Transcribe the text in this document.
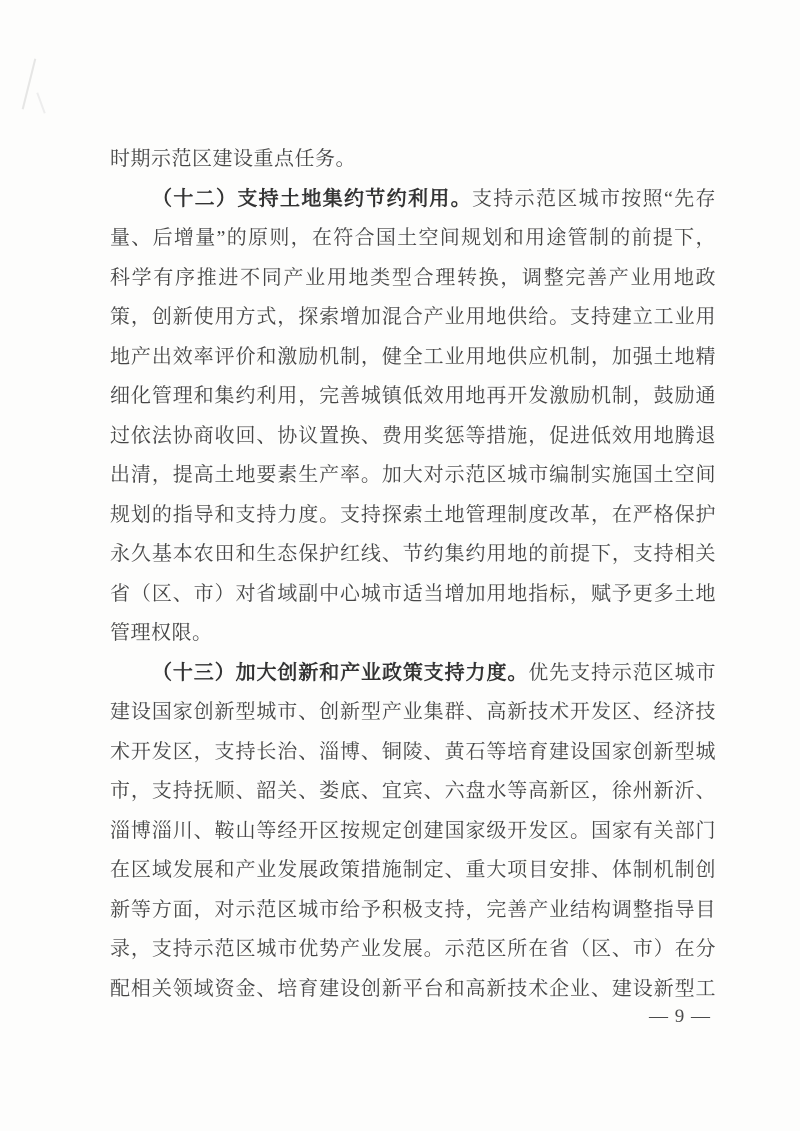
时期示范区建设重点任务。
（十二）支持土地集约节约利用。支持示范区城市按照“先存
量、后增量”的原则，在符合国土空间规划和用途管制的前提下，
科学有序推进不同产业用地类型合理转换，调整完善产业用地政
策，创新使用方式，探索增加混合产业用地供给。支持建立工业用
地产出效率评价和激励机制，健全工业用地供应机制，加强土地精
细化管理和集约利用，完善城镇低效用地再开发激励机制，鼓励通
过依法协商收回、协议置换、费用奖惩等措施，促进低效用地腾退
出清，提高土地要素生产率。加大对示范区城市编制实施国土空间
规划的指导和支持力度。支持探索土地管理制度改革，在严格保护
永久基本农田和生态保护红线、节约集约用地的前提下，支持相关
省（区、市）对省域副中心城市适当增加用地指标，赋予更多土地
管理权限。
（十三）加大创新和产业政策支持力度。优先支持示范区城市
建设国家创新型城市、创新型产业集群、高新技术开发区、经济技
术开发区，支持长治、淄博、铜陵、黄石等培育建设国家创新型城
市，支持抚顺、韶关、娄底、宜宾、六盘水等高新区，徐州新沂、
淄博淄川、鞍山等经开区按规定创建国家级开发区。国家有关部门
在区域发展和产业发展政策措施制定、重大项目安排、体制机制创
新等方面，对示范区城市给予积极支持，完善产业结构调整指导目
录，支持示范区城市优势产业发展。示范区所在省（区、市）在分
配相关领域资金、培育建设创新平台和高新技术企业、建设新型工
— 9 —
